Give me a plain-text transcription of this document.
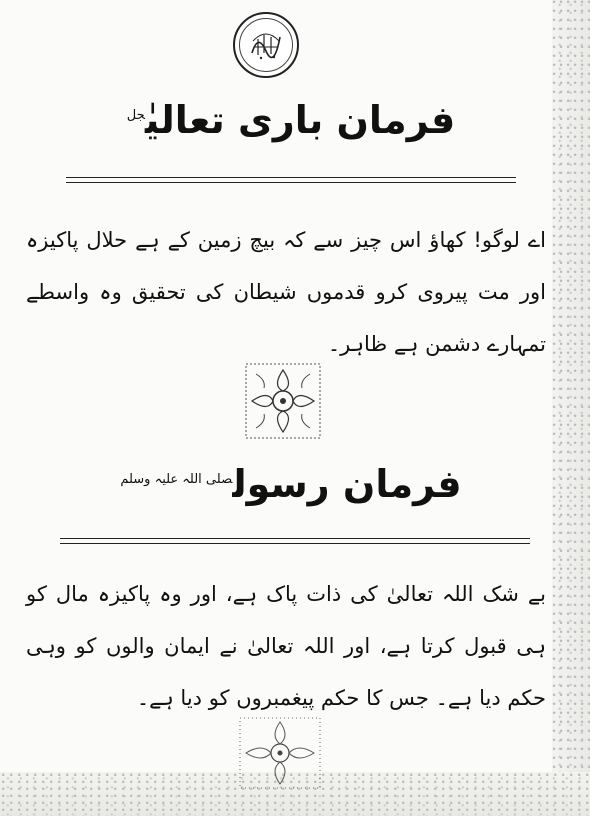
فرمان باری تعالیٰ$^{جل}$
اے لوگو! کھاؤ اس چیز سے کہ بیچ زمین کے ہے حلال پاکیزہ اور مت پیروی کرو قدموں شیطان کی تحقیق وہ واسطے تمہارے دشمن ہے ظاہر۔
فرمان رسول$^{صلی اللہ علیہ وسلم}$
بے شک اللہ تعالیٰ کی ذات پاک ہے، اور وہ پاکیزہ مال کو ہی قبول کرتا ہے، اور اللہ تعالیٰ نے ایمان والوں کو وہی حکم دیا ہے۔ جس کا حکم پیغمبروں کو دیا ہے۔
